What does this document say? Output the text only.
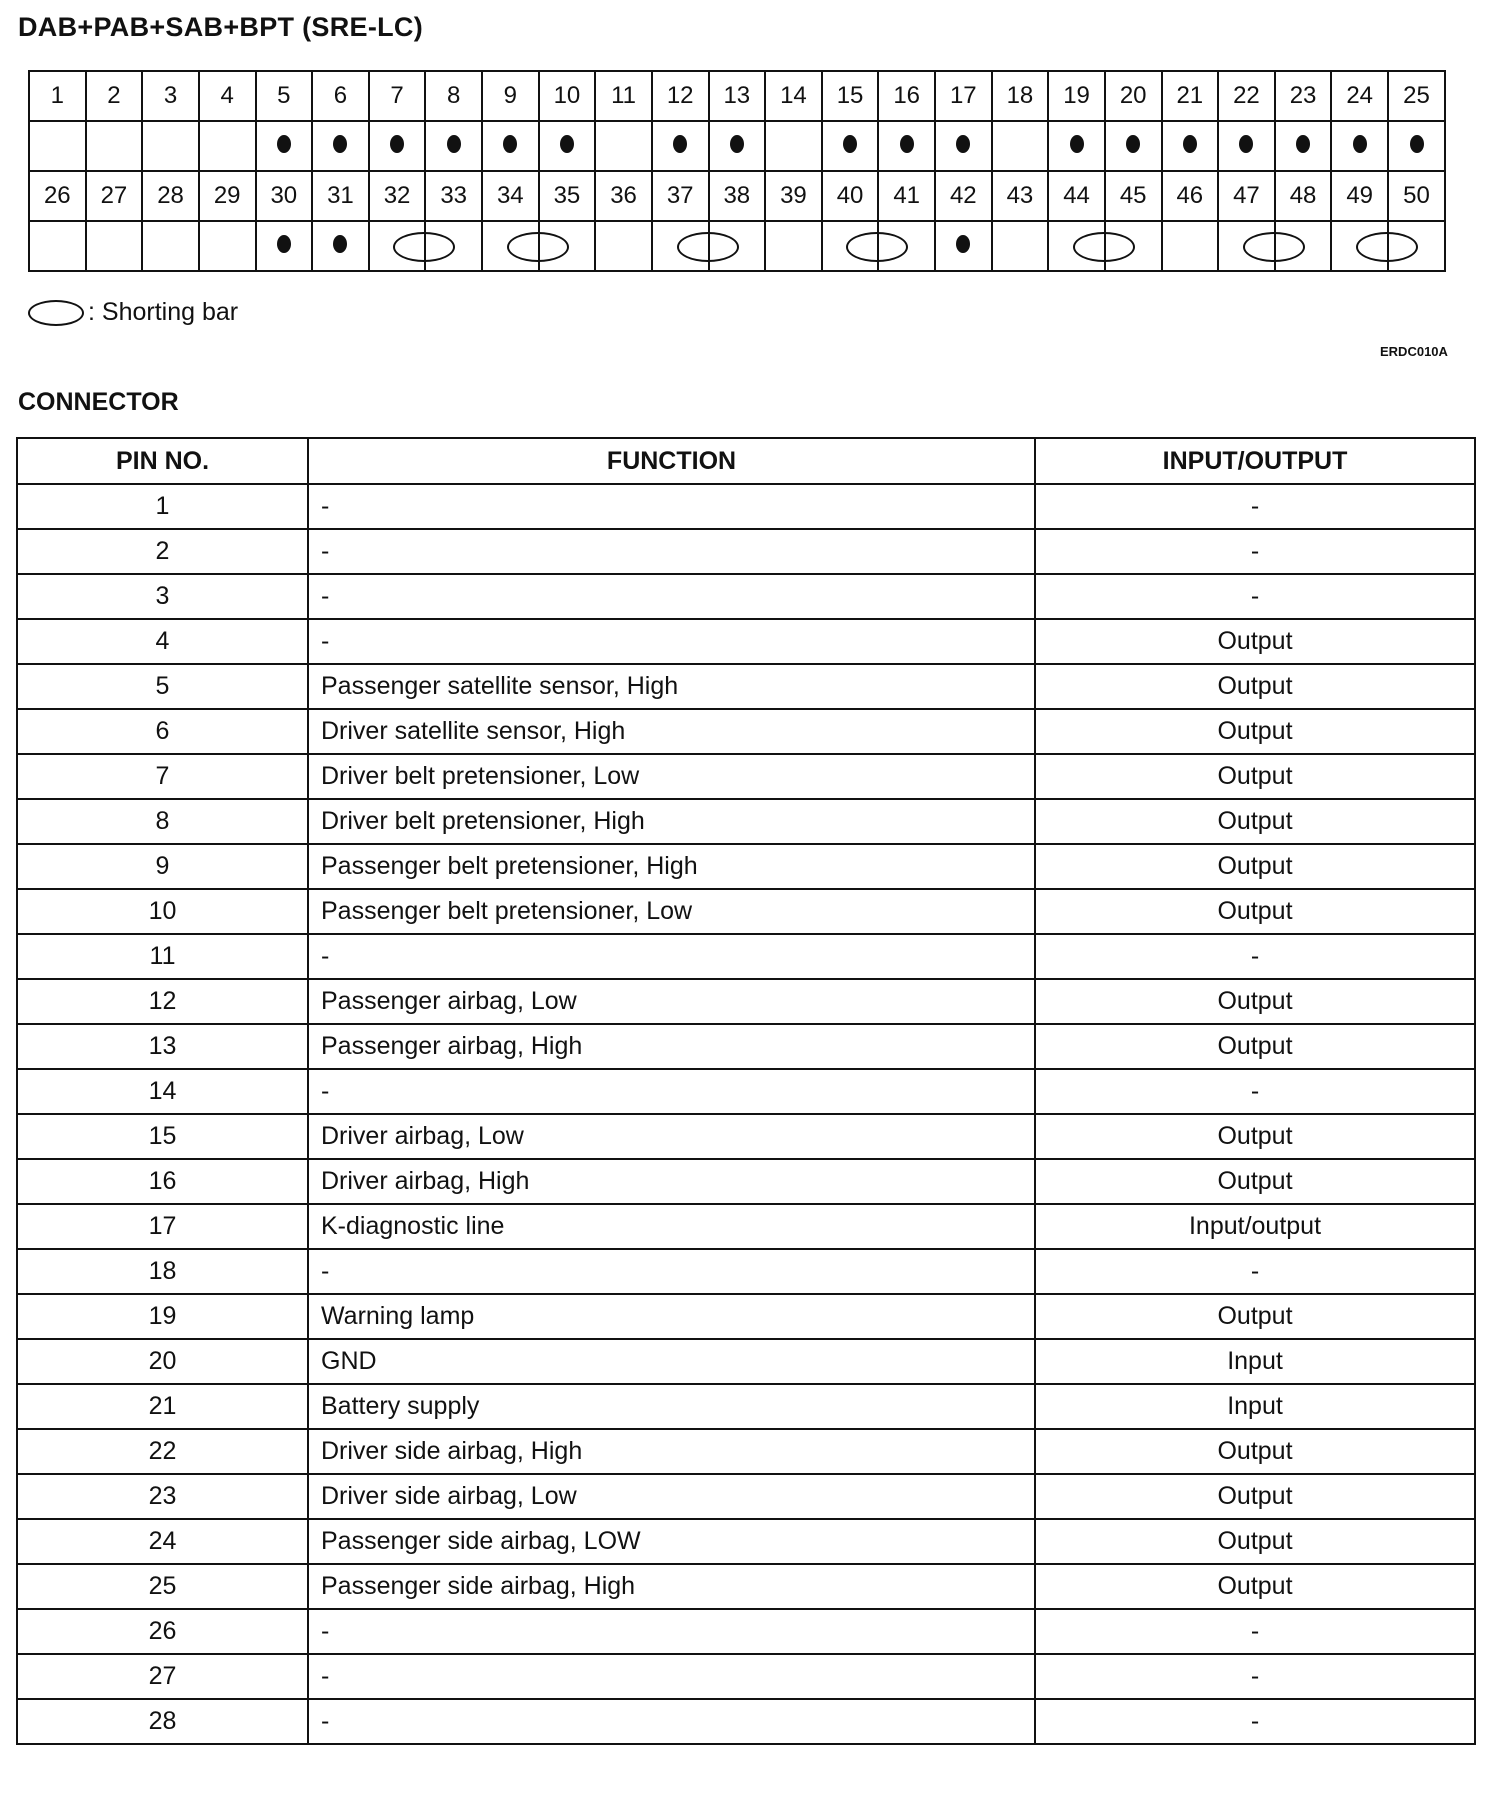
DAB+PAB+SAB+BPT (SRE-LC)
1	2	3	4	5	6	7	8	9	10	11	12	13	14	15	16	17	18	19	20	21	22	23	24	25

26	27	28	29	30	31	32	33	34	35	36	37	38	39	40	41	42	43	44	45	46	47	48	49	50

: Shorting bar
ERDC010A
CONNECTOR
PIN NO.	FUNCTION	INPUT/OUTPUT
1	-	-
2	-	-
3	-	-
4	-	Output
5	Passenger satellite sensor, High	Output
6	Driver satellite sensor, High	Output
7	Driver belt pretensioner, Low	Output
8	Driver belt pretensioner, High	Output
9	Passenger belt pretensioner, High	Output
10	Passenger belt pretensioner, Low	Output
11	-	-
12	Passenger airbag, Low	Output
13	Passenger airbag, High	Output
14	-	-
15	Driver airbag, Low	Output
16	Driver airbag, High	Output
17	K-diagnostic line	Input/output
18	-	-
19	Warning lamp	Output
20	GND	Input
21	Battery supply	Input
22	Driver side airbag, High	Output
23	Driver side airbag, Low	Output
24	Passenger side airbag, LOW	Output
25	Passenger side airbag, High	Output
26	-	-
27	-	-
28	-	-
